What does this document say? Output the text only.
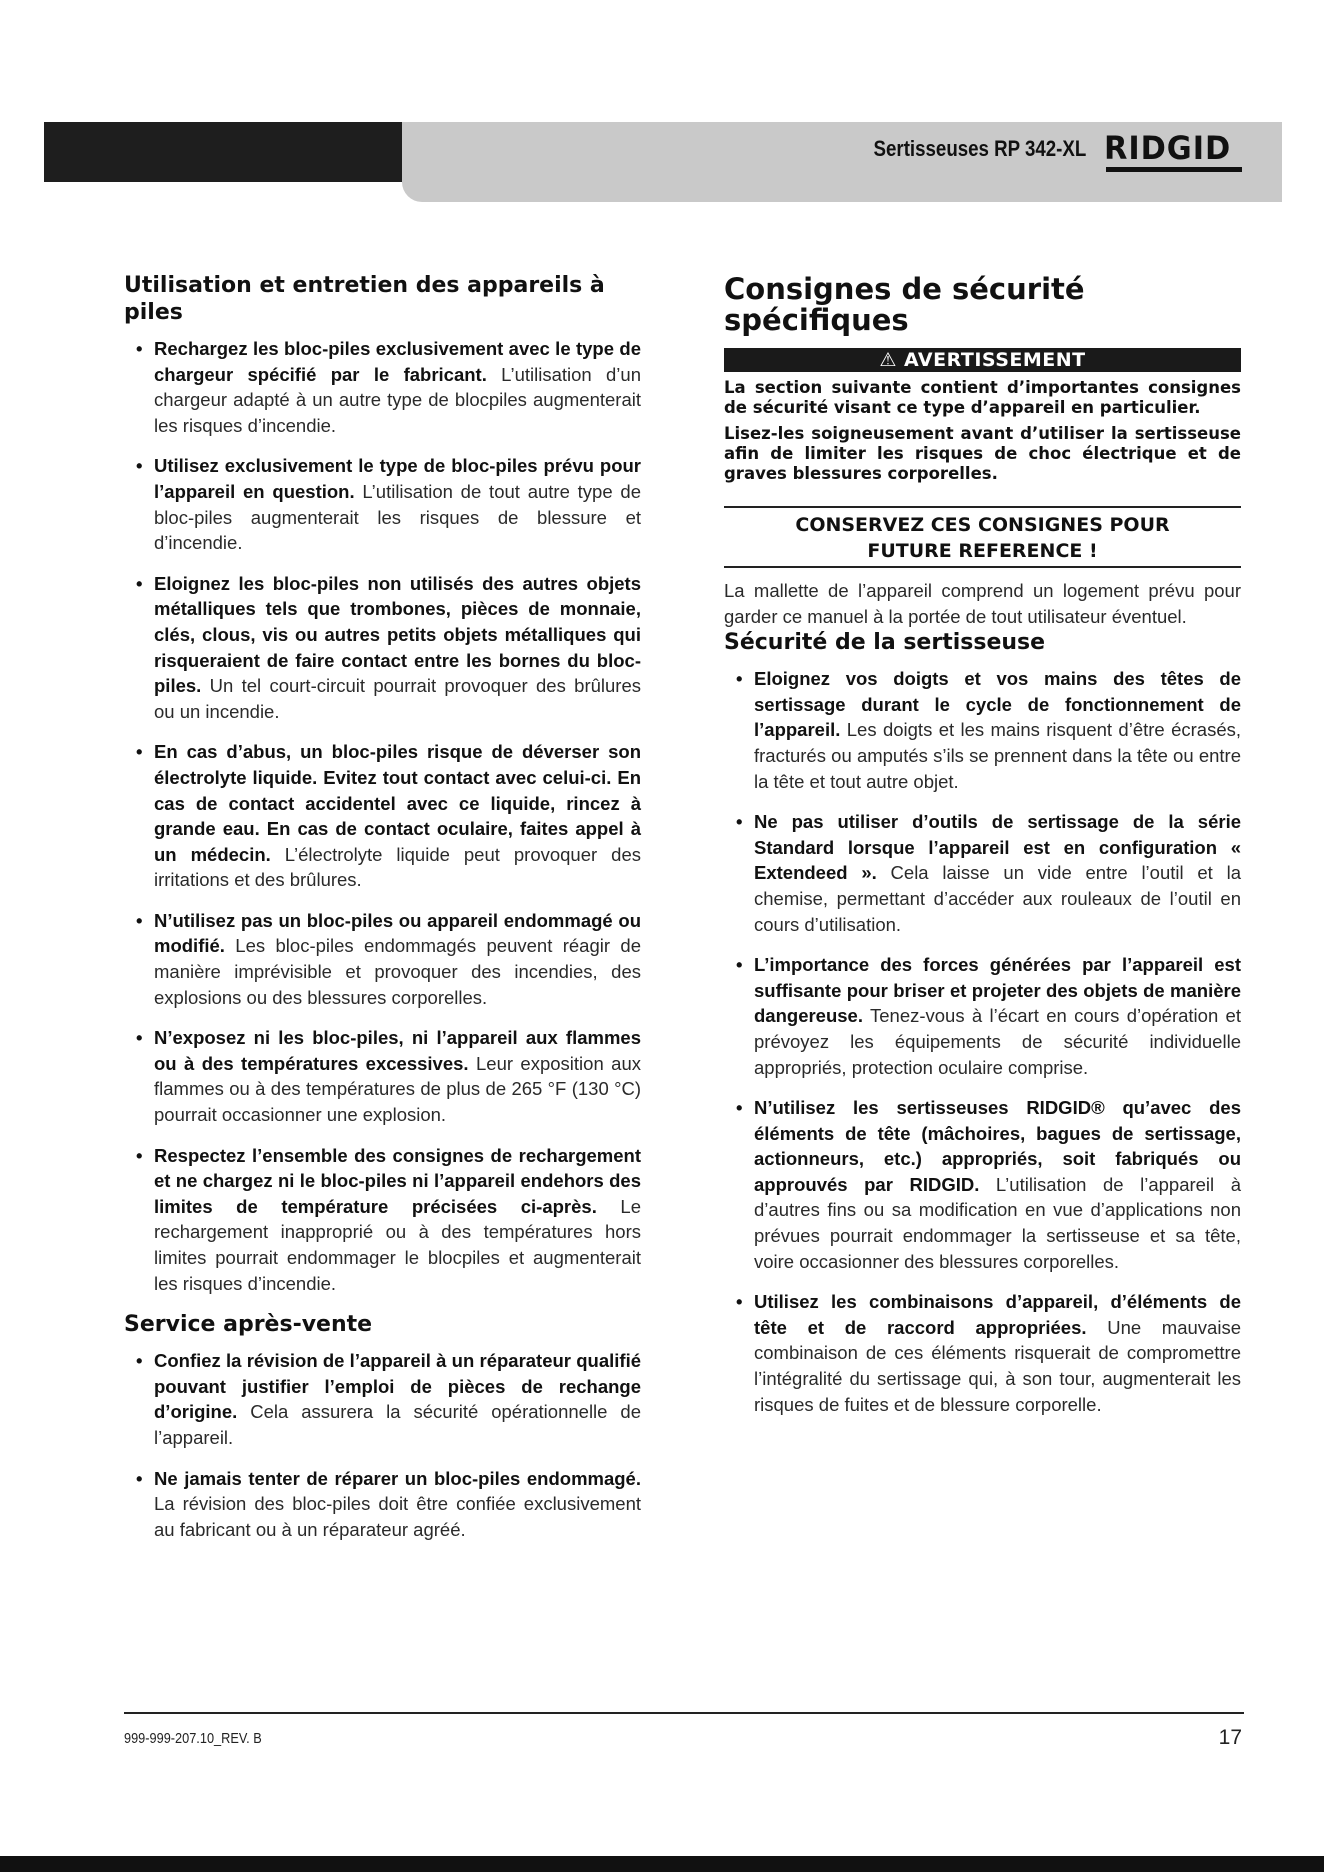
Sertisseuses RP 342-XL RIDGID
Utilisation et entretien des appareils à piles
• Rechargez les bloc-piles exclusivement avec le type de chargeur spécifié par le fabricant. L’utilisation d’un chargeur adapté à un autre type de blocpiles augmenterait les risques d’incendie.
• Utilisez exclusivement le type de bloc-piles prévu pour l’appareil en question. L’utilisation de tout autre type de bloc-piles augmenterait les risques de blessure et d’incendie.
• Eloignez les bloc-piles non utilisés des autres objets métalliques tels que trombones, pièces de monnaie, clés, clous, vis ou autres petits objets métalliques qui risqueraient de faire contact entre les bornes du bloc-piles. Un tel court-circuit pourrait provoquer des brûlures ou un incendie.
• En cas d’abus, un bloc-piles risque de déverser son électrolyte liquide. Evitez tout contact avec celui-ci. En cas de contact accidentel avec ce liquide, rincez à grande eau. En cas de contact oculaire, faites appel à un médecin. L’électrolyte liquide peut provoquer des irritations et des brûlures.
• N’utilisez pas un bloc-piles ou appareil endommagé ou modifié. Les bloc-piles endommagés peuvent réagir de manière imprévisible et provoquer des incendies, des explosions ou des blessures corporelles.
• N’exposez ni les bloc-piles, ni l’appareil aux flammes ou à des températures excessives. Leur exposition aux flammes ou à des températures de plus de 265 °F (130 °C) pourrait occasionner une explosion.
• Respectez l’ensemble des consignes de rechargement et ne chargez ni le bloc-piles ni l’appareil endehors des limites de température précisées ci-après. Le rechargement inapproprié ou à des températures hors limites pourrait endommager le blocpiles et augmenterait les risques d’incendie.
Service après-vente
• Confiez la révision de l’appareil à un réparateur qualifié pouvant justifier l’emploi de pièces de rechange d’origine. Cela assurera la sécurité opérationnelle de l’appareil.
• Ne jamais tenter de réparer un bloc-piles endommagé. La révision des bloc-piles doit être confiée exclusivement au fabricant ou à un réparateur agréé.
Consignes de sécurité spécifiques
⚠ AVERTISSEMENT

La section suivante contient d’importantes consignes de sécurité visant ce type d’appareil en particulier.

Lisez-les soigneusement avant d’utiliser la sertisseuse afin de limiter les risques de choc électrique et de graves blessures corporelles.

CONSERVEZ CES CONSIGNES POUR
FUTURE REFERENCE !

La mallette de l’appareil comprend un logement prévu pour garder ce manuel à la portée de tout utilisateur éventuel.

Sécurité de la sertisseuse
• Eloignez vos doigts et vos mains des têtes de sertissage durant le cycle de fonctionnement de l’appareil. Les doigts et les mains risquent d’être écrasés, fracturés ou amputés s’ils se prennent dans la tête ou entre la tête et tout autre objet.
• Ne pas utiliser d’outils de sertissage de la série Standard lorsque l’appareil est en configuration « Extendeed ». Cela laisse un vide entre l’outil et la chemise, permettant d’accéder aux rouleaux de l’outil en cours d’utilisation.
• L’importance des forces générées par l’appareil est suffisante pour briser et projeter des objets de manière dangereuse. Tenez-vous à l’écart en cours d’opération et prévoyez les équipements de sécurité individuelle appropriés, protection oculaire comprise.
• N’utilisez les sertisseuses RIDGID® qu’avec des éléments de tête (mâchoires, bagues de sertissage, actionneurs, etc.) appropriés, soit fabriqués ou approuvés par RIDGID. L’utilisation de l’appareil à d’autres fins ou sa modification en vue d’applications non prévues pourrait endommager la sertisseuse et sa tête, voire occasionner des blessures corporelles.
• Utilisez les combinaisons d’appareil, d’éléments de tête et de raccord appropriées. Une mauvaise combinaison de ces éléments risquerait de compromettre l’intégralité du sertissage qui, à son tour, augmenterait les risques de fuites et de blessure corporelle.
999-999-207.10_REV. B	17
